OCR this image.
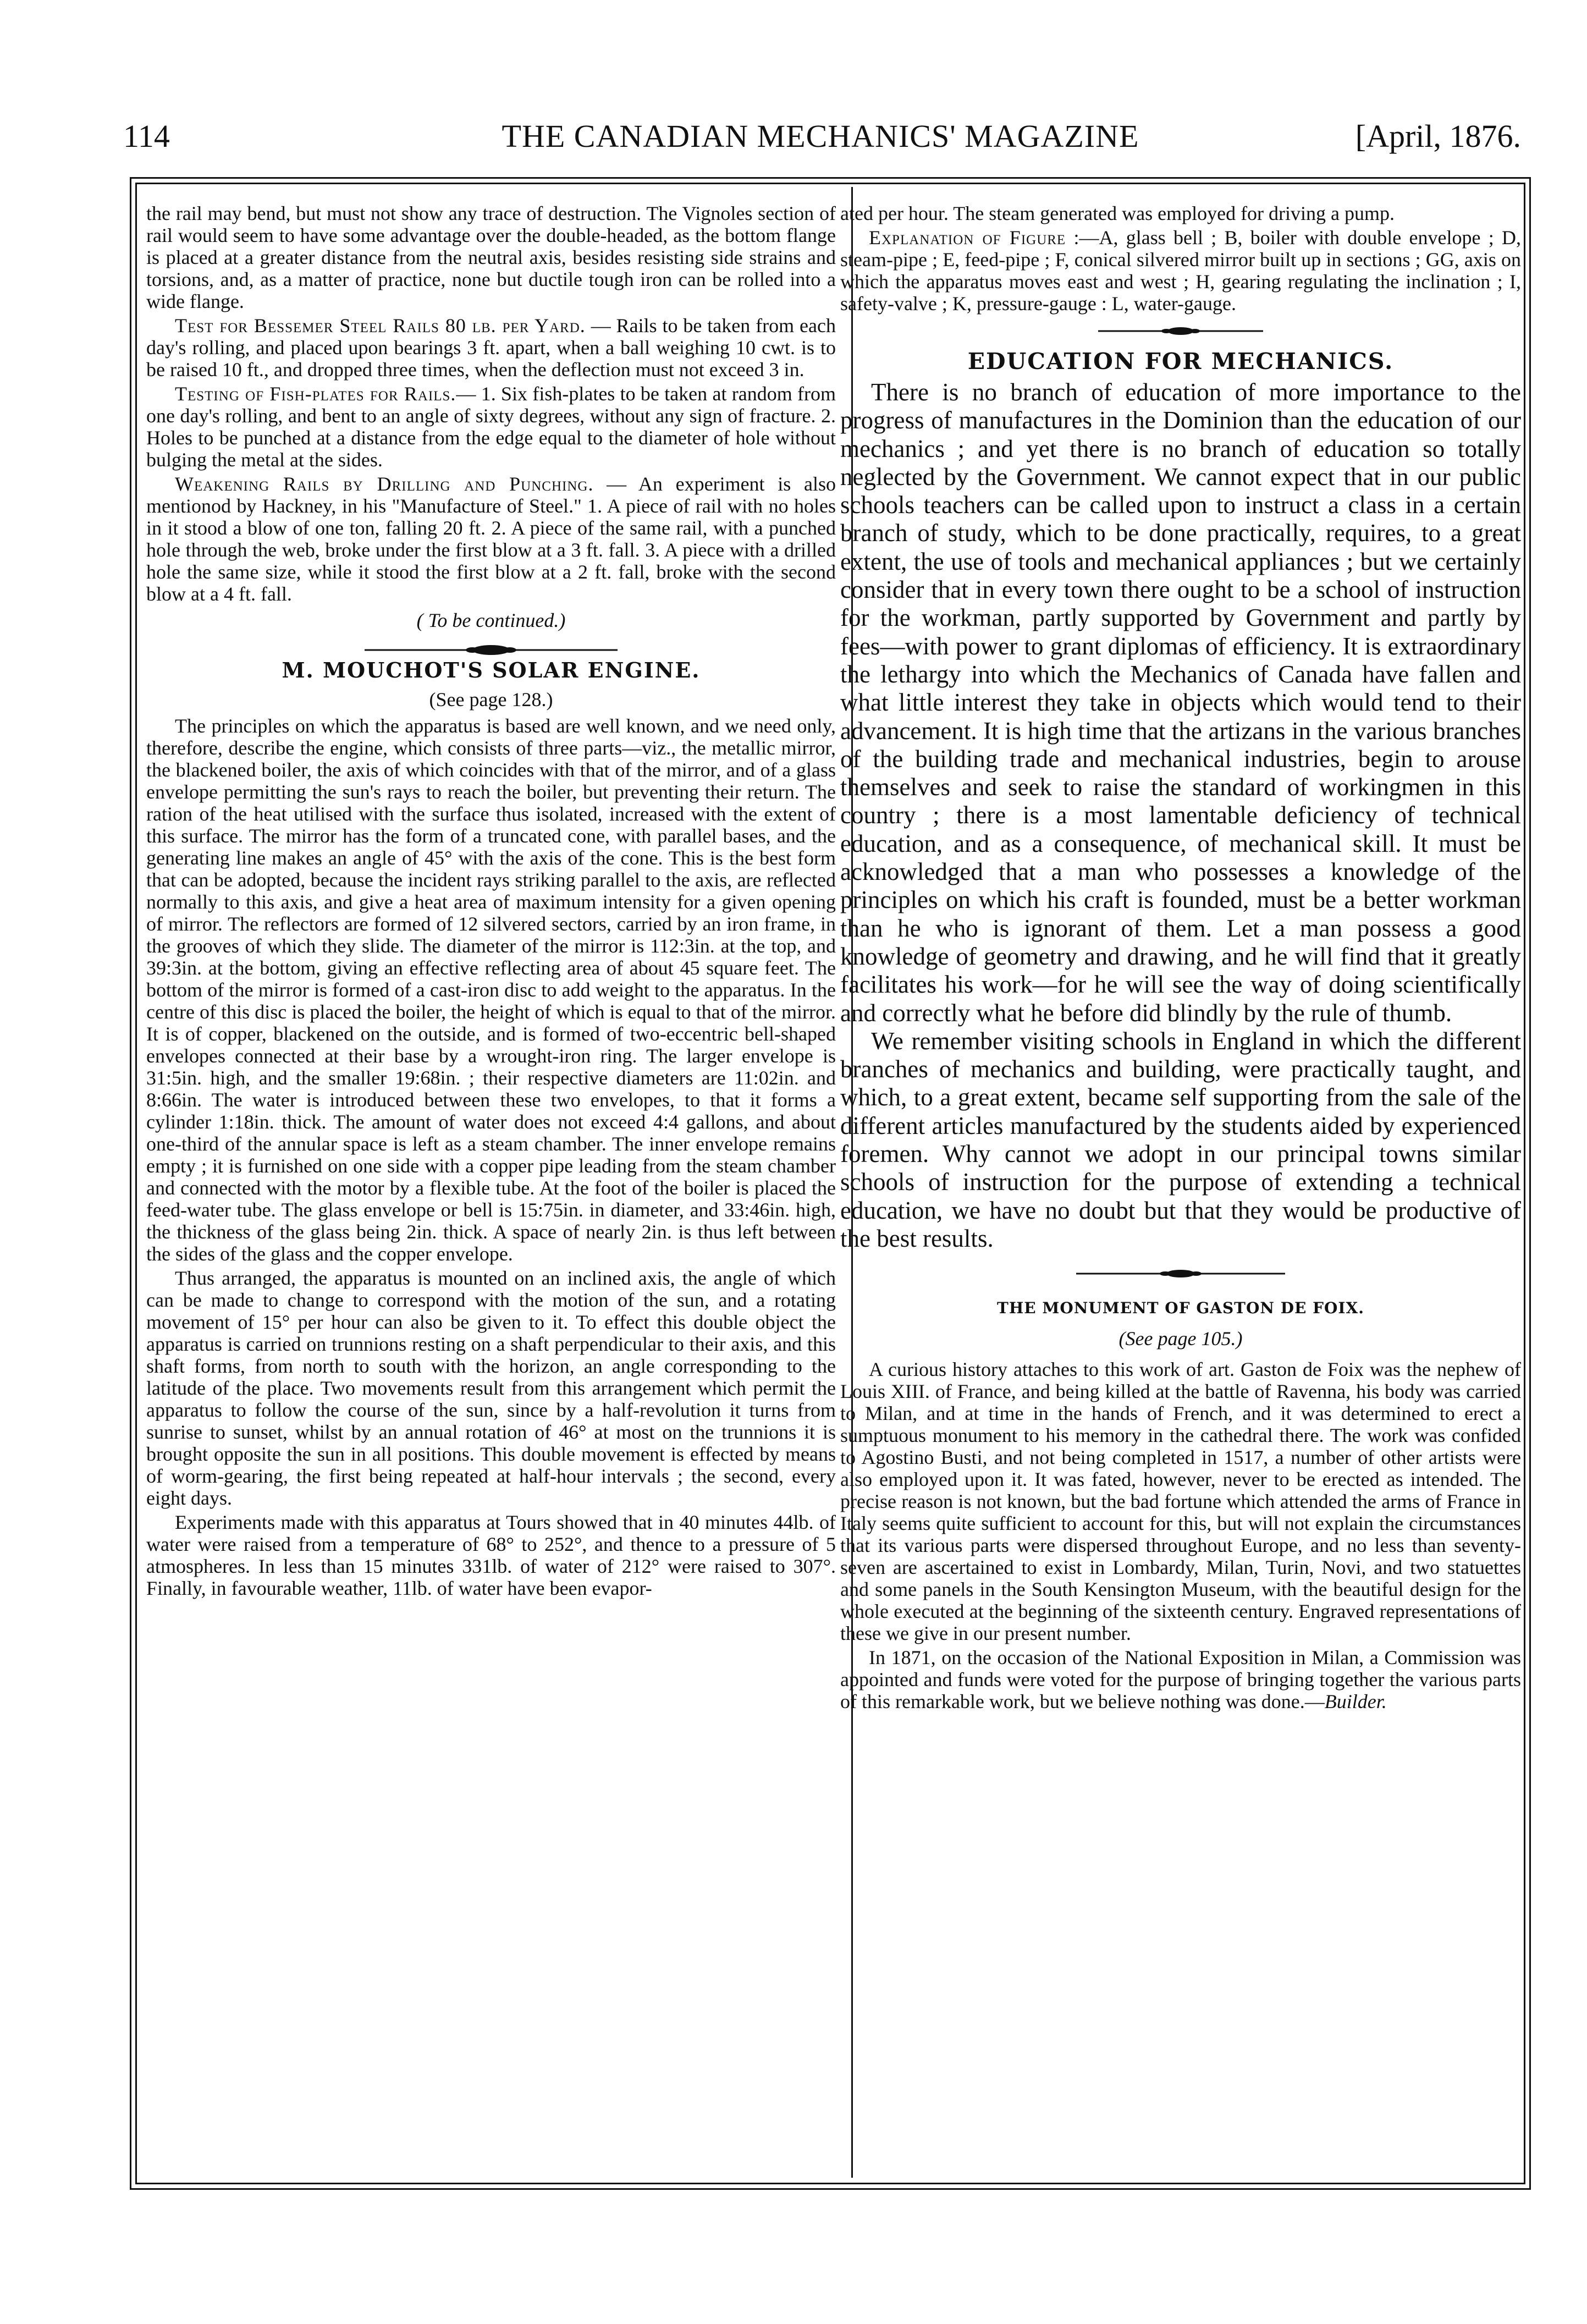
114	THE CANADIAN MECHANICS' MAGAZINE	[April, 1876.

the rail may bend, but must not show any trace of destruction. The Vignoles section of rail would seem to have some advantage over the double-headed, as the bottom flange is placed at a greater distance from the neutral axis, besides resisting side strains and torsions, and, as a matter of practice, none but ductile tough iron can be rolled into a wide flange.

Test for Bessemer Steel Rails 80 lb. per Yard. — Rails to be taken from each day's rolling, and placed upon bearings 3 ft. apart, when a ball weighing 10 cwt. is to be raised 10 ft., and dropped three times, when the deflection must not exceed 3 in.

Testing of Fish-plates for Rails.— 1. Six fish-plates to be taken at random from one day's rolling, and bent to an angle of sixty degrees, without any sign of fracture. 2. Holes to be punched at a distance from the edge equal to the diameter of hole without bulging the metal at the sides.

Weakening Rails by Drilling and Punching. — An experiment is also mentionod by Hackney, in his "Manufacture of Steel." 1. A piece of rail with no holes in it stood a blow of one ton, falling 20 ft. 2. A piece of the same rail, with a punched hole through the web, broke under the first blow at a 3 ft. fall. 3. A piece with a drilled hole the same size, while it stood the first blow at a 2 ft. fall, broke with the second blow at a 4 ft. fall.

( To be continued.)
M. MOUCHOT'S SOLAR ENGINE.
(See page 128.)

The principles on which the apparatus is based are well known, and we need only, therefore, describe the engine, which consists of three parts—viz., the metallic mirror, the blackened boiler, the axis of which coincides with that of the mirror, and of a glass envelope permitting the sun's rays to reach the boiler, but preventing their return. The ration of the heat utilised with the surface thus isolated, increased with the extent of this surface. The mirror has the form of a truncated cone, with parallel bases, and the generating line makes an angle of 45° with the axis of the cone. This is the best form that can be adopted, because the incident rays striking parallel to the axis, are reflected normally to this axis, and give a heat area of maximum intensity for a given opening of mirror. The reflectors are formed of 12 silvered sectors, carried by an iron frame, in the grooves of which they slide. The diameter of the mirror is 112:3in. at the top, and 39:3in. at the bottom, giving an effective reflecting area of about 45 square feet. The bottom of the mirror is formed of a cast-iron disc to add weight to the apparatus. In the centre of this disc is placed the boiler, the height of which is equal to that of the mirror. It is of copper, blackened on the outside, and is formed of two-eccentric bell-shaped envelopes connected at their base by a wrought-iron ring. The larger envelope is 31:5in. high, and the smaller 19:68in. ; their respective diameters are 11:02in. and 8:66in. The water is introduced between these two envelopes, to that it forms a cylinder 1:18in. thick. The amount of water does not exceed 4:4 gallons, and about one-third of the annular space is left as a steam chamber. The inner envelope remains empty ; it is furnished on one side with a copper pipe leading from the steam chamber and connected with the motor by a flexible tube. At the foot of the boiler is placed the feed-water tube. The glass envelope or bell is 15:75in. in diameter, and 33:46in. high, the thickness of the glass being 2in. thick. A space of nearly 2in. is thus left between the sides of the glass and the copper envelope.

Thus arranged, the apparatus is mounted on an inclined axis, the angle of which can be made to change to correspond with the motion of the sun, and a rotating movement of 15° per hour can also be given to it. To effect this double object the apparatus is carried on trunnions resting on a shaft perpendicular to their axis, and this shaft forms, from north to south with the horizon, an angle corresponding to the latitude of the place. Two movements result from this arrangement which permit the apparatus to follow the course of the sun, since by a half-revolution it turns from sunrise to sunset, whilst by an annual rotation of 46° at most on the trunnions it is brought opposite the sun in all positions. This double movement is effected by means of worm-gearing, the first being repeated at half-hour intervals ; the second, every eight days.

Experiments made with this apparatus at Tours showed that in 40 minutes 44lb. of water were raised from a temperature of 68° to 252°, and thence to a pressure of 5 atmospheres. In less than 15 minutes 331lb. of water of 212° were raised to 307°. Finally, in favourable weather, 11lb. of water have been evapor-

ated per hour. The steam generated was employed for driving a pump.

Explanation of Figure :—A, glass bell ; B, boiler with double envelope ; D, steam-pipe ; E, feed-pipe ; F, conical silvered mirror built up in sections ; GG, axis on which the apparatus moves east and west ; H, gearing regulating the inclination ; I, safety-valve ; K, pressure-gauge : L, water-gauge.

EDUCATION FOR MECHANICS.

There is no branch of education of more importance to the progress of manufactures in the Dominion than the education of our mechanics ; and yet there is no branch of education so totally neglected by the Government. We cannot expect that in our public schools teachers can be called upon to instruct a class in a certain branch of study, which to be done practically, requires, to a great extent, the use of tools and mechanical appliances ; but we certainly consider that in every town there ought to be a school of instruction for the workman, partly supported by Government and partly by fees—with power to grant diplomas of efficiency. It is extraordinary the lethargy into which the Mechanics of Canada have fallen and what little interest they take in objects which would tend to their advancement. It is high time that the artizans in the various branches of the building trade and mechanical industries, begin to arouse themselves and seek to raise the standard of workingmen in this country ; there is a most lamentable deficiency of technical education, and as a consequence, of mechanical skill. It must be acknowledged that a man who possesses a knowledge of the principles on which his craft is founded, must be a better workman than he who is ignorant of them. Let a man possess a good knowledge of geometry and drawing, and he will find that it greatly facilitates his work—for he will see the way of doing scientifically and correctly what he before did blindly by the rule of thumb.

We remember visiting schools in England in which the different branches of mechanics and building, were practically taught, and which, to a great extent, became self supporting from the sale of the different articles manufactured by the students aided by experienced foremen. Why cannot we adopt in our principal towns similar schools of instruction for the purpose of extending a technical education, we have no doubt but that they would be productive of the best results.

THE MONUMENT OF GASTON DE FOIX.
(See page 105.)

A curious history attaches to this work of art. Gaston de Foix was the nephew of Louis XIII. of France, and being killed at the battle of Ravenna, his body was carried to Milan, and at time in the hands of French, and it was determined to erect a sumptuous monument to his memory in the cathedral there. The work was confided to Agostino Busti, and not being completed in 1517, a number of other artists were also employed upon it. It was fated, however, never to be erected as intended. The precise reason is not known, but the bad fortune which attended the arms of France in Italy seems quite sufficient to account for this, but will not explain the circumstances that its various parts were dispersed throughout Europe, and no less than seventy-seven are ascertained to exist in Lombardy, Milan, Turin, Novi, and two statuettes and some panels in the South Kensington Museum, with the beautiful design for the whole executed at the beginning of the sixteenth century. Engraved representations of these we give in our present number.

In 1871, on the occasion of the National Exposition in Milan, a Commission was appointed and funds were voted for the purpose of bringing together the various parts of this remarkable work, but we believe nothing was done.—Builder.
